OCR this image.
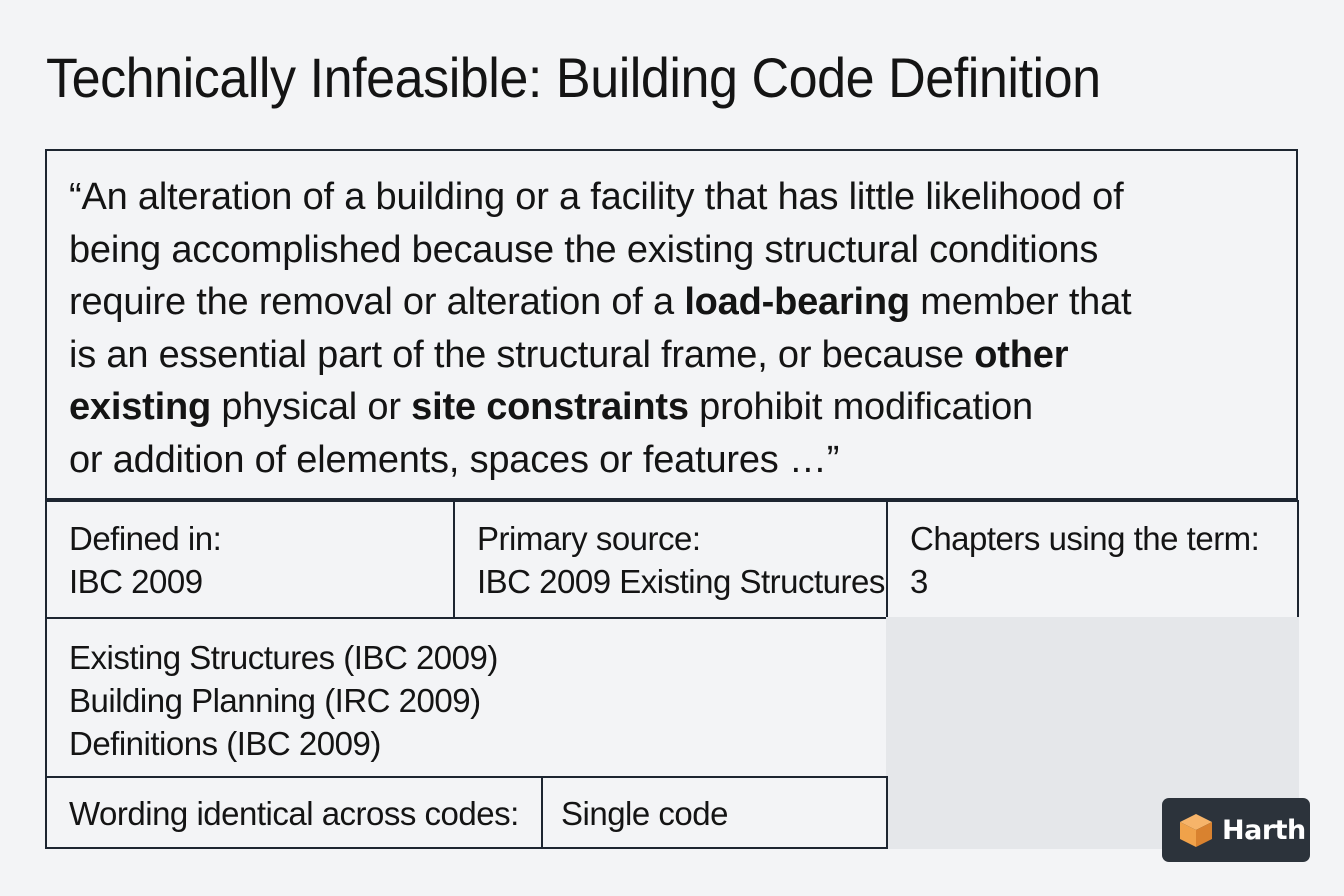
Technically Infeasible: Building Code Definition

“An alteration of a building or a facility that has little likelihood of
being accomplished because the existing structural conditions
require the removal or alteration of a load-bearing member that
is an essential part of the structural frame, or because other
existing physical or site constraints prohibit modification
or addition of elements, spaces or features …”

Defined in:
IBC 2009
Primary source:
IBC 2009 Existing Structures
Chapters using the term:
3
Existing Structures (IBC 2009)
Building Planning (IRC 2009)
Definitions (IBC 2009)
Wording identical across codes: Single code	Harth
